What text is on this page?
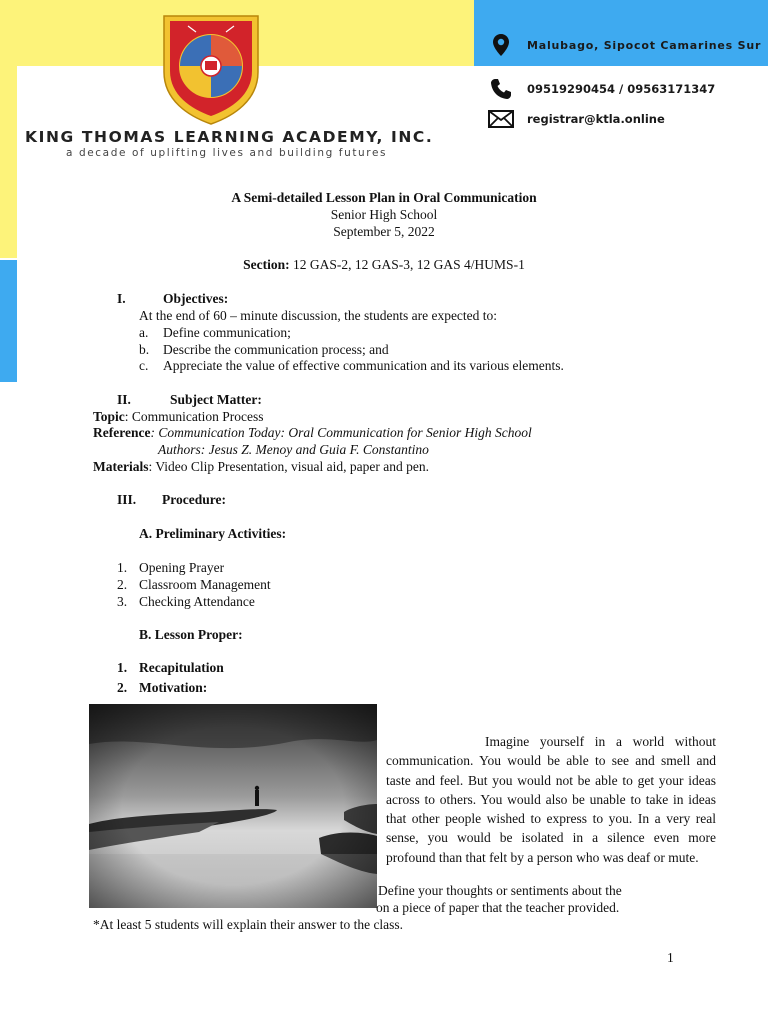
KING THOMAS LEARNING ACADEMY, INC.
a decade of uplifting lives and building futures
Malubago, Sipocot Camarines Sur
09519290454 / 09563171347
registrar@ktla.online
A Semi-detailed Lesson Plan in Oral Communication
Senior High School
September 5, 2022
Section: 12 GAS-2, 12 GAS-3, 12 GAS 4/HUMS-1
I.	Objectives:
At the end of 60 – minute discussion, the students are expected to:
a. Define communication;
b. Describe the communication process; and
c. Appreciate the value of effective communication and its various elements.
II.	Subject Matter:
Topic: Communication Process
Reference: Communication Today: Oral Communication for Senior High School
Authors: Jesus Z. Menoy and Guia F. Constantino
Materials: Video Clip Presentation, visual aid, paper and pen.
III. Procedure:
A. Preliminary Activities:
1. Opening Prayer
2. Classroom Management
3. Checking Attendance
B. Lesson Proper:
1. Recapitulation
2. Motivation:
Imagine yourself in a world without communication. You would be able to see and smell and taste and feel. But you would not be able to get your ideas across to others. You would also be unable to take in ideas that other people wished to express to you. In a very real sense, you would be isolated in a silence even more profound than that felt by a person who was deaf or mute.
Define your thoughts or sentiments about the
on a piece of paper that the teacher provided.
*At least 5 students will explain their answer to the class.
1
